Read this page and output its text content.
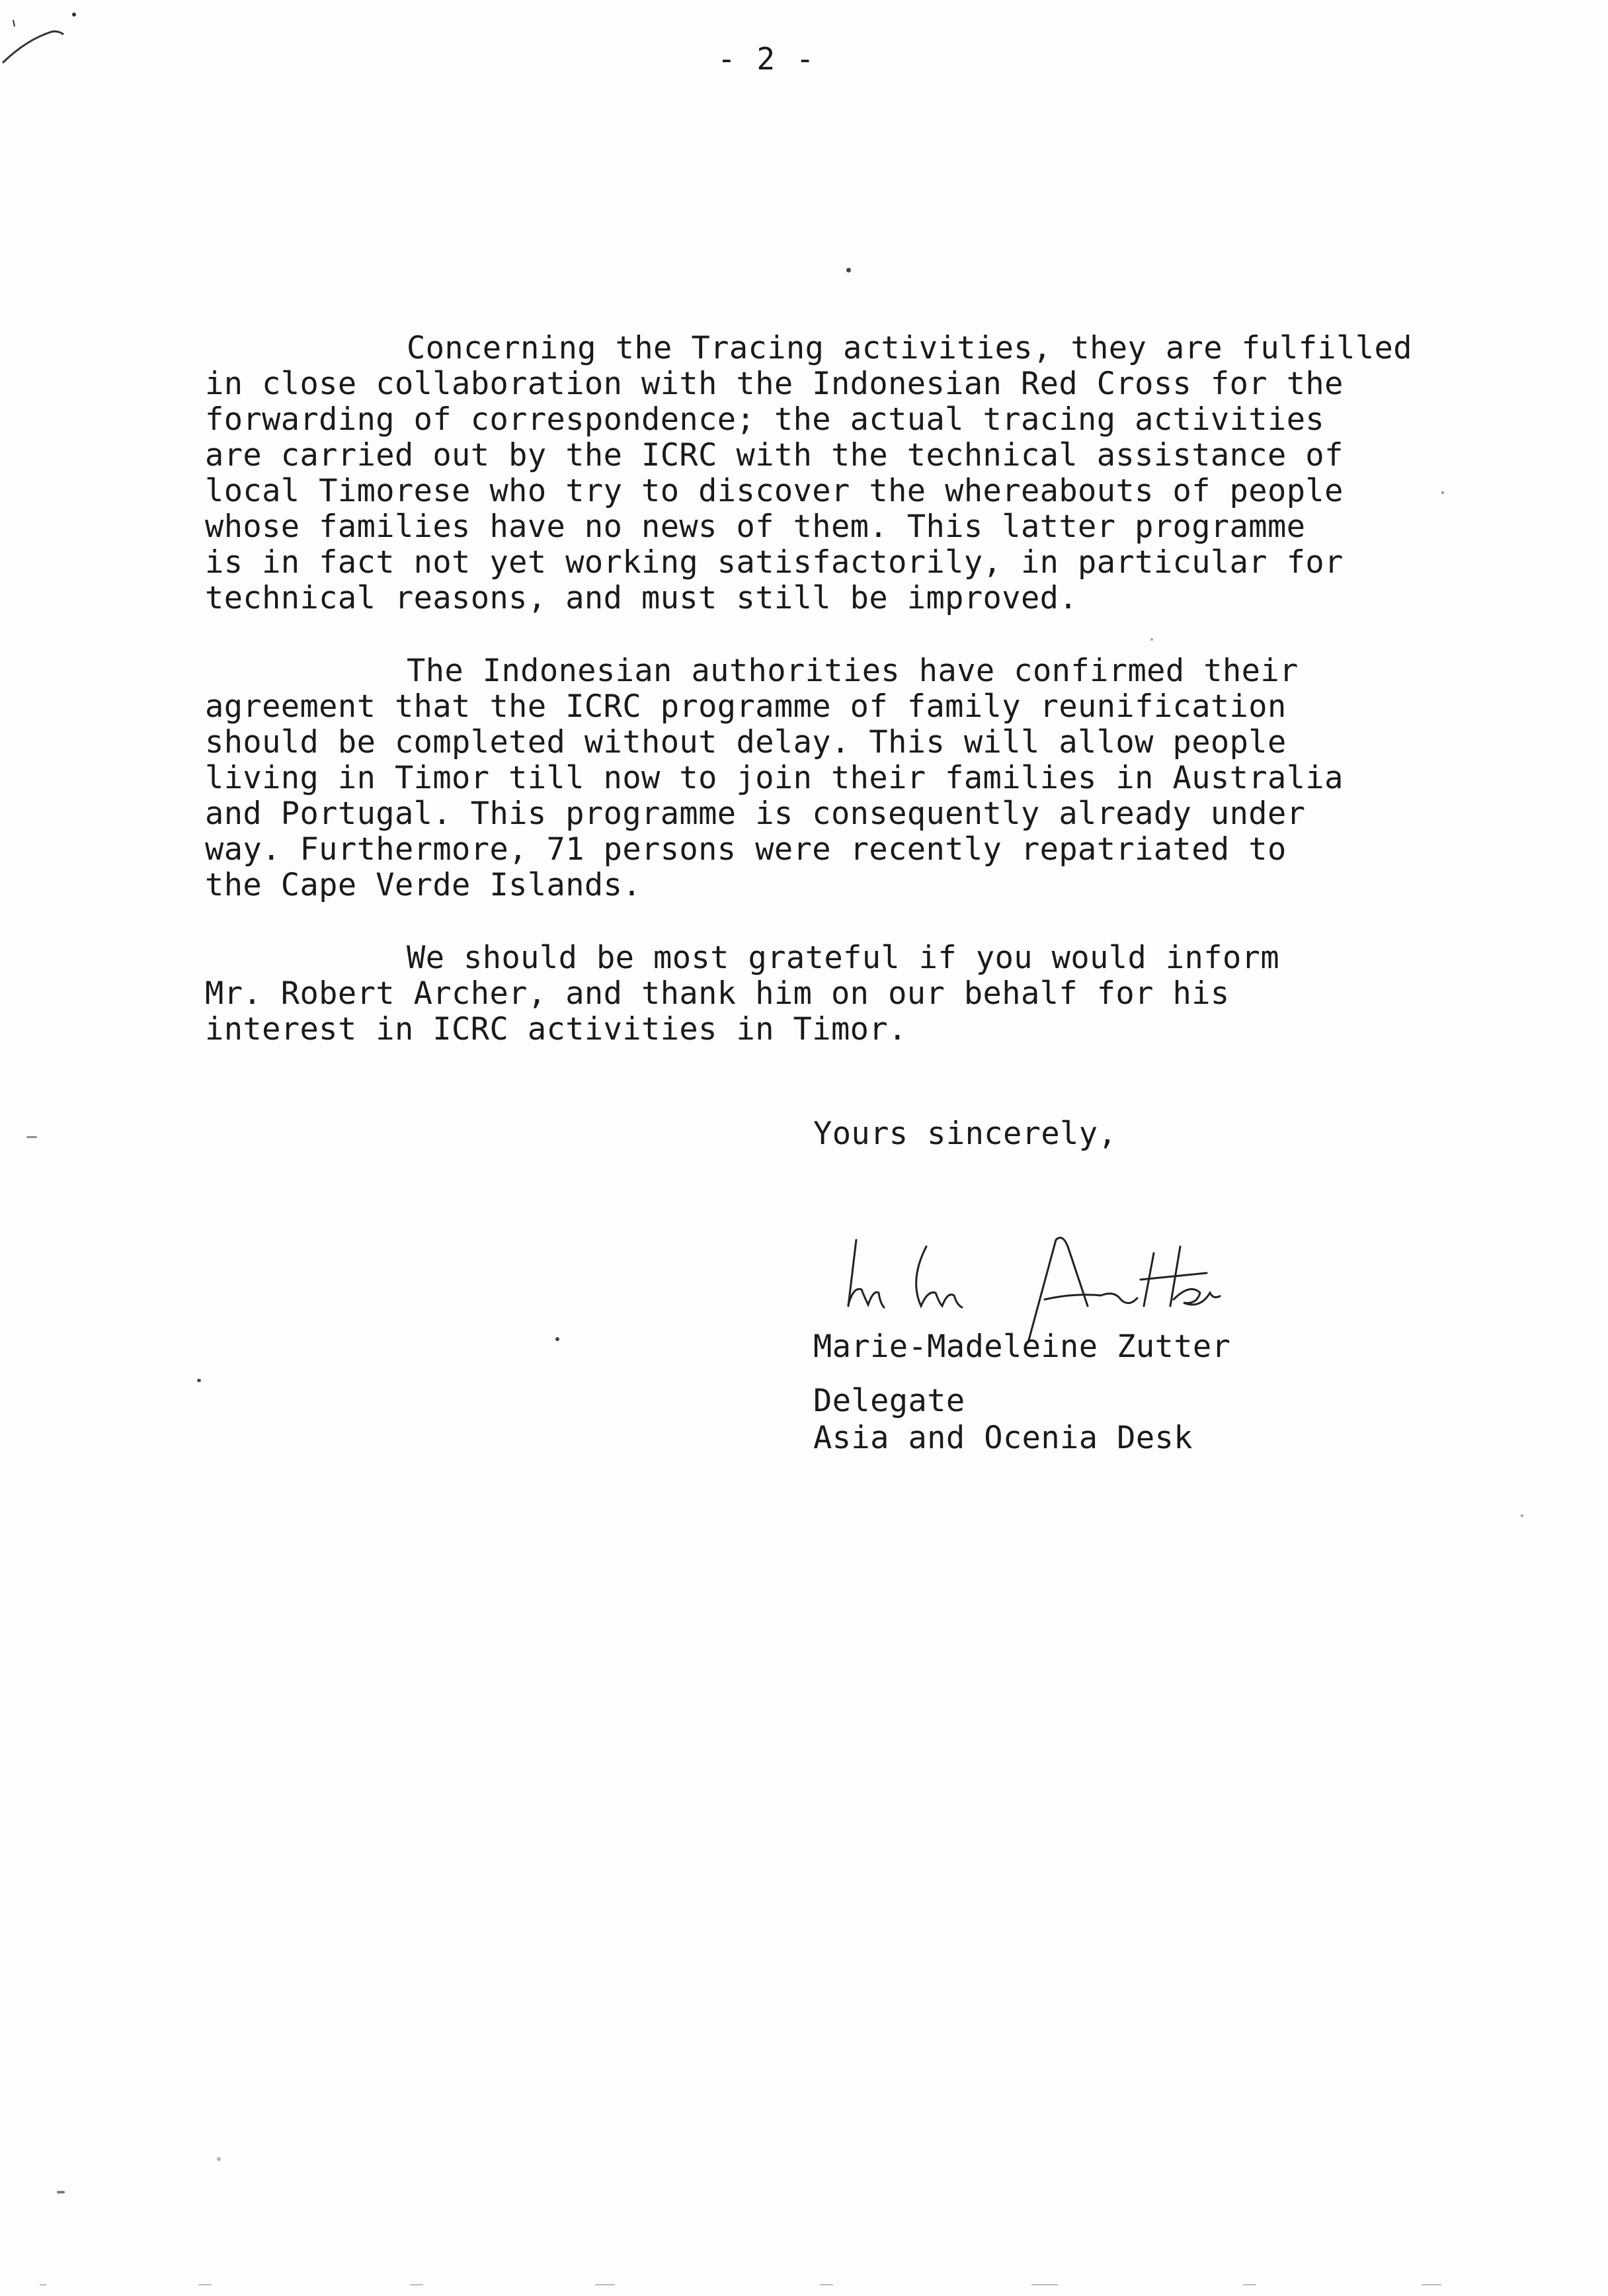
- 2 -
Concerning the Tracing activities, they are fulfilled
in close collaboration with the Indonesian Red Cross for the
forwarding of correspondence; the actual tracing activities
are carried out by the ICRC with the technical assistance of
local Timorese who try to discover the whereabouts of people
whose families have no news of them. This latter programme
is in fact not yet working satisfactorily, in particular for
technical reasons, and must still be improved.
The Indonesian authorities have confirmed their
agreement that the ICRC programme of family reunification
should be completed without delay. This will allow people
living in Timor till now to join their families in Australia
and Portugal. This programme is consequently already under
way. Furthermore, 71 persons were recently repatriated to
the Cape Verde Islands.
We should be most grateful if you would inform
Mr. Robert Archer, and thank him on our behalf for his
interest in ICRC activities in Timor.
Yours sincerely,
Mu Mu Zutter
Marie-Madeleine Zutter
Delegate
Asia and Ocenia Desk
